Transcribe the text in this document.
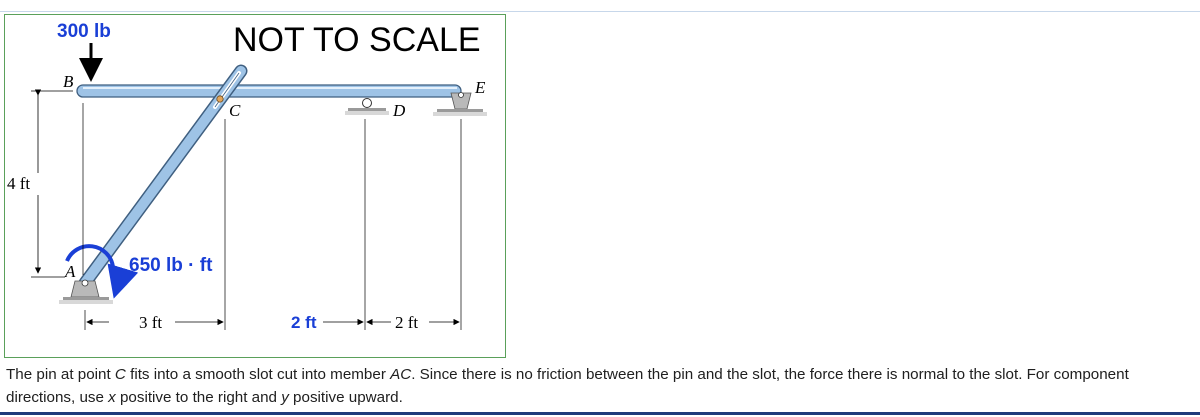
NOT TO SCALE
300 lb
B
C	D
E
A	650 lb · ft
4 ft
3 ft	2 ft	2 ft
The pin at point C fits into a smooth slot cut into member AC. Since there is no friction between the pin and the slot, the force there is normal to the slot. For component directions, use x positive to the right and y positive upward.
